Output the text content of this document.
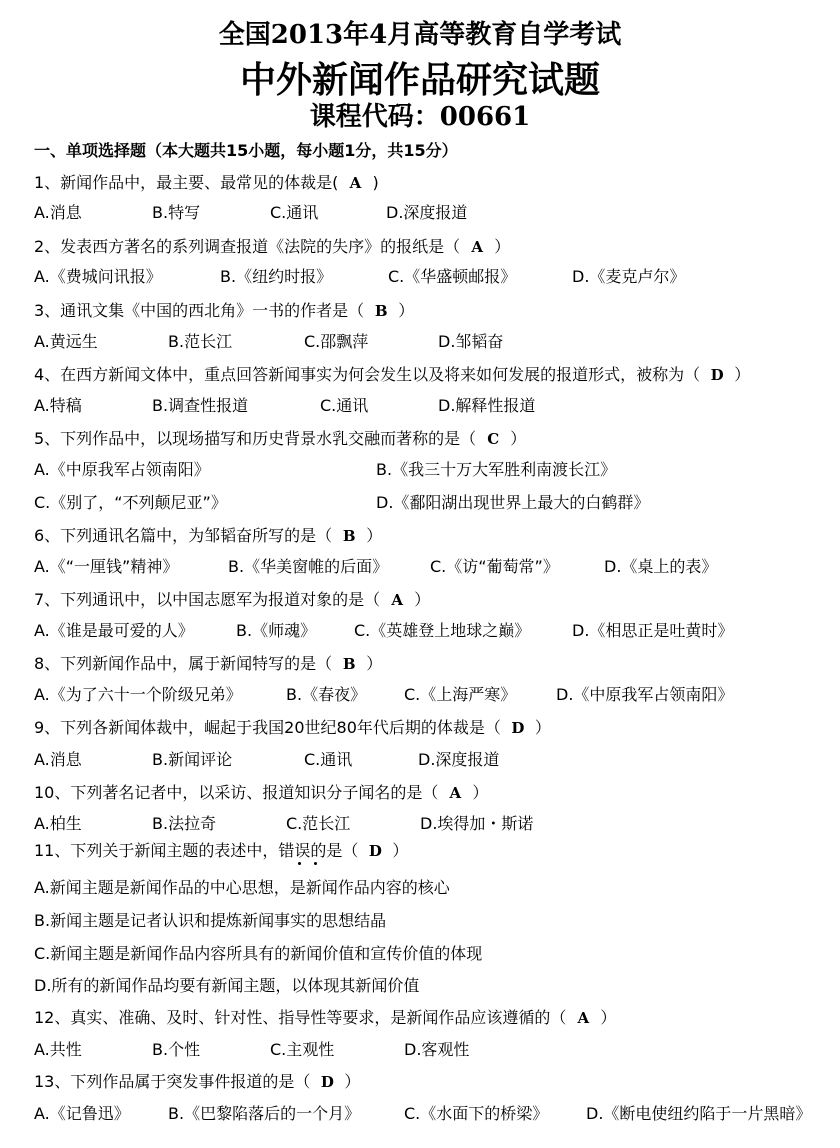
全国2013年4月高等教育自学考试
中外新闻作品研究试题
课程代码：00661
一、单项选择题（本大题共15小题，每小题1分，共15分）
1、新闻作品中，最主要、最常见的体裁是( A )
A.消息	B.特写	C.通讯	D.深度报道
2、发表西方著名的系列调查报道《法院的失序》的报纸是（ A ）
A.《费城问讯报》	B.《纽约时报》	C.《华盛顿邮报》	D.《麦克卢尔》
3、通讯文集《中国的西北角》一书的作者是（ B ）
A.黄远生	B.范长江	C.邵飘萍	D.邹韬奋
4、在西方新闻文体中，重点回答新闻事实为何会发生以及将来如何发展的报道形式，被称为（ D ）
A.特稿	B.调查性报道	C.通讯	D.解释性报道
5、下列作品中，以现场描写和历史背景水乳交融而著称的是（ C ）
A.《中原我军占领南阳》	B.《我三十万大军胜利南渡长江》
C.《别了，“不列颠尼亚”》	D.《鄱阳湖出现世界上最大的白鹤群》
6、下列通讯名篇中，为邹韬奋所写的是（ B ）
A.《“一厘钱”精神》	B.《华美窗帷的后面》	C.《访“葡萄常”》	D.《桌上的表》
7、下列通讯中，以中国志愿军为报道对象的是（ A ）
A.《谁是最可爱的人》	B.《师魂》 C.《英雄登上地球之巅》	D.《相思正是吐黄时》
8、下列新闻作品中，属于新闻特写的是（ B ）
A.《为了六十一个阶级兄弟》	B.《春夜》 C.《上海严寒》 D.《中原我军占领南阳》
9、下列各新闻体裁中，崛起于我国20世纪80年代后期的体裁是（ D ）
A.消息	B.新闻评论	C.通讯	D.深度报道
10、下列著名记者中，以采访、报道知识分子闻名的是（ A ）
A.柏生	B.法拉奇	C.范长江	D.埃得加・斯诺
11、下列关于新闻主题的表述中，错误的是（ D ）
A.新闻主题是新闻作品的中心思想，是新闻作品内容的核心
B.新闻主题是记者认识和提炼新闻事实的思想结晶
C.新闻主题是新闻作品内容所具有的新闻价值和宣传价值的体现
D.所有的新闻作品均要有新闻主题，以体现其新闻价值
12、真实、准确、及时、针对性、指导性等要求，是新闻作品应该遵循的（ A ）
A.共性	B.个性	C.主观性	D.客观性
13、下列作品属于突发事件报道的是（ D ）
A.《记鲁迅》 B.《巴黎陷落后的一个月》	C.《水面下的桥梁》 D.《断电使纽约陷于一片黑暗》
